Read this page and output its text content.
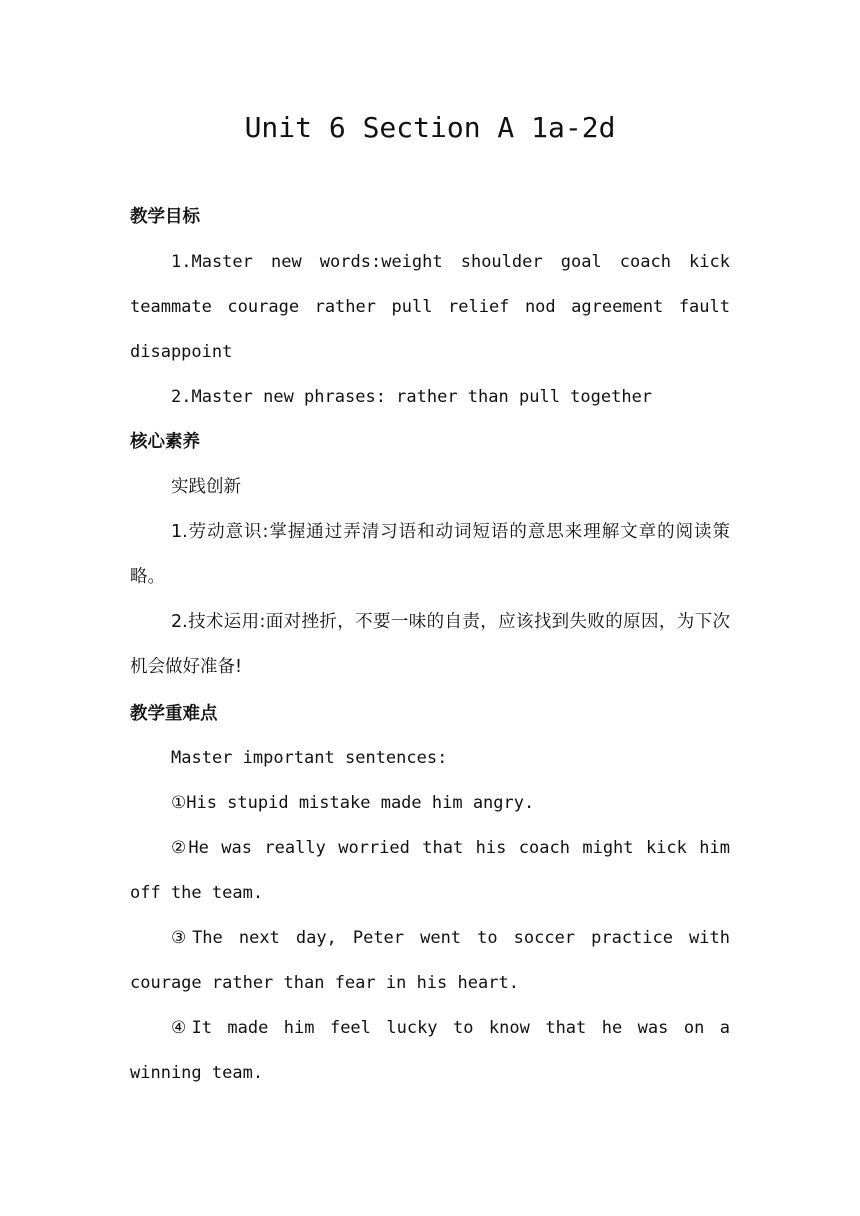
Unit 6 Section A 1a-2d
教学目标

1.Master new words:weight shoulder goal coach kick teammate courage rather pull relief nod agreement fault disappoint

2.Master new phrases: rather than pull together

核心素养

实践创新

1.劳动意识:掌握通过弄清习语和动词短语的意思来理解文章的阅读策略。

2.技术运用:面对挫折，不要一味的自责，应该找到失败的原因，为下次机会做好准备!

教学重难点

Master important sentences:

①His stupid mistake made him angry.

②He was really worried that his coach might kick him off the team.

③The next day, Peter went to soccer practice with courage rather than fear in his heart.

④It made him feel lucky to know that he was on a winning team.
